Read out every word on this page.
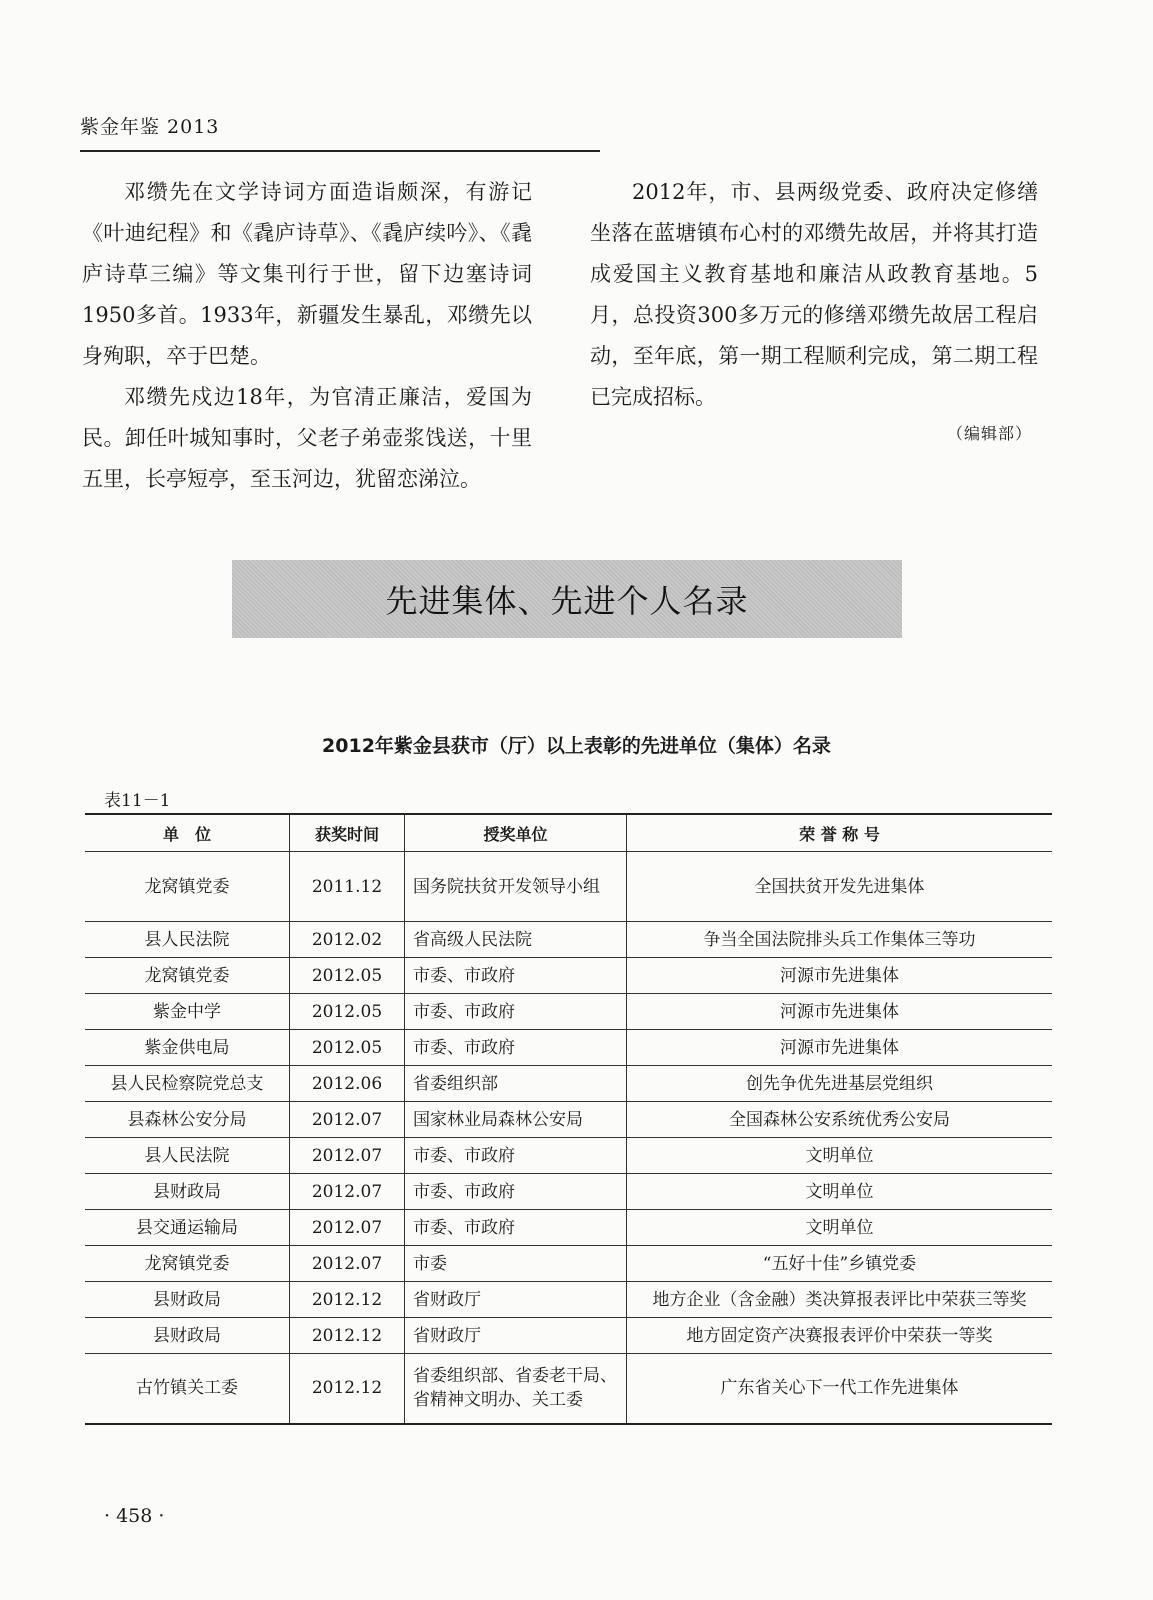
紫金年鉴 2013

邓缵先在文学诗词方面造诣颇深，有游记《叶迪纪程》和《毳庐诗草》、《毳庐续吟》、《毳庐诗草三编》等文集刊行于世，留下边塞诗词1950多首。1933年，新疆发生暴乱，邓缵先以身殉职，卒于巴楚。

邓缵先戍边18年，为官清正廉洁，爱国为民。卸任叶城知事时，父老子弟壶浆饯送，十里五里，长亭短亭，至玉河边，犹留恋涕泣。

2012年，市、县两级党委、政府决定修缮坐落在蓝塘镇布心村的邓缵先故居，并将其打造成爱国主义教育基地和廉洁从政教育基地。5月，总投资300多万元的修缮邓缵先故居工程启动，至年底，第一期工程顺利完成，第二期工程已完成招标。

（编辑部）
先进集体、先进个人名录
2012年紫金县获市（厅）以上表彰的先进单位（集体）名录
表11－1
单　位	获奖时间	授奖单位	荣 誉 称 号
龙窝镇党委	2011.12	国务院扶贫开发领导小组	全国扶贫开发先进集体
县人民法院	2012.02	省高级人民法院	争当全国法院排头兵工作集体三等功
龙窝镇党委	2012.05	市委、市政府	河源市先进集体
紫金中学	2012.05	市委、市政府	河源市先进集体
紫金供电局	2012.05	市委、市政府	河源市先进集体
县人民检察院党总支	2012.06	省委组织部	创先争优先进基层党组织
县森林公安分局	2012.07	国家林业局森林公安局	全国森林公安系统优秀公安局
县人民法院	2012.07	市委、市政府	文明单位
县财政局	2012.07	市委、市政府	文明单位
县交通运输局	2012.07	市委、市政府	文明单位
龙窝镇党委	2012.07	市委	“五好十佳”乡镇党委
县财政局	2012.12	省财政厅	地方企业（含金融）类决算报表评比中荣获三等奖
县财政局	2012.12	省财政厅	地方固定资产决赛报表评价中荣获一等奖
古竹镇关工委	2012.12	省委组织部、省委老干局、省精神文明办、关工委	广东省关心下一代工作先进集体
· 458 ·
